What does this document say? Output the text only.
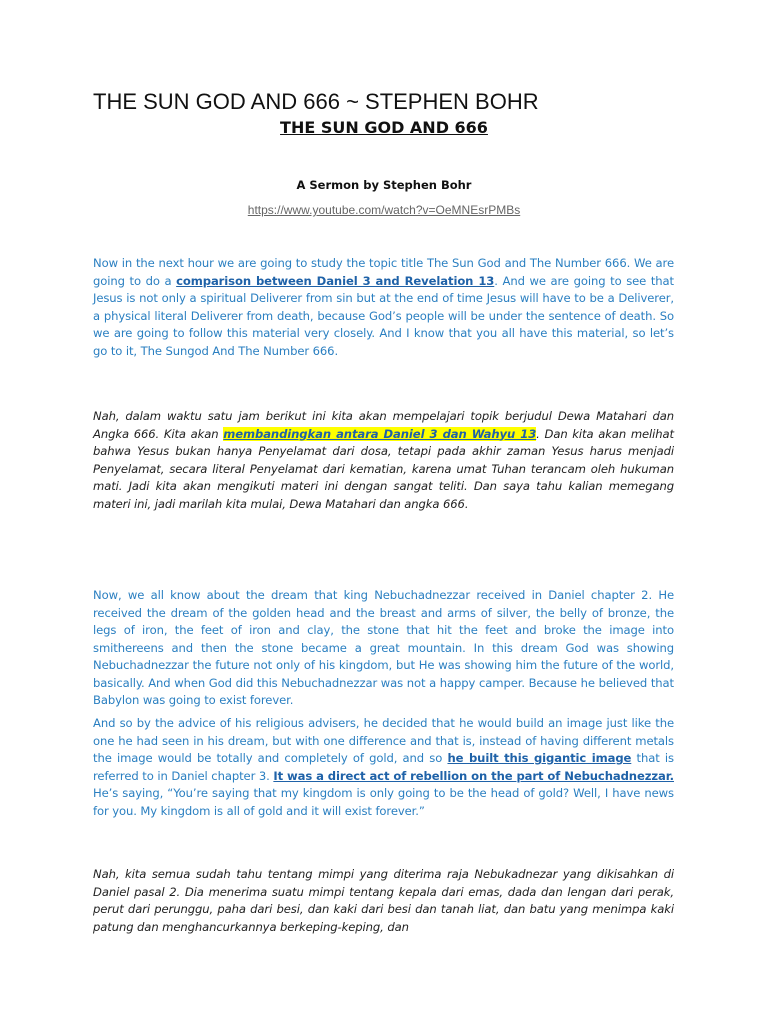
THE SUN GOD AND 666 ~ STEPHEN BOHR
THE SUN GOD AND 666

A Sermon by Stephen Bohr

https://www.youtube.com/watch?v=OeMNEsrPMBs

Now in the next hour we are going to study the topic title The Sun God and The Number 666. We are going to do a comparison between Daniel 3 and Revelation 13. And we are going to see that Jesus is not only a spiritual Deliverer from sin but at the end of time Jesus will have to be a Deliverer, a physical literal Deliverer from death, because God’s people will be under the sentence of death. So we are going to follow this material very closely. And I know that you all have this material, so let’s go to it, The Sungod And The Number 666.

Nah, dalam waktu satu jam berikut ini kita akan mempelajari topik berjudul Dewa Matahari dan Angka 666. Kita akan membandingkan antara Daniel 3 dan Wahyu 13. Dan kita akan melihat bahwa Yesus bukan hanya Penyelamat dari dosa, tetapi pada akhir zaman Yesus harus menjadi Penyelamat, secara literal Penyelamat dari kematian, karena umat Tuhan terancam oleh hukuman mati. Jadi kita akan mengikuti materi ini dengan sangat teliti. Dan saya tahu kalian memegang materi ini, jadi marilah kita mulai, Dewa Matahari dan angka 666.

Now, we all know about the dream that king Nebuchadnezzar received in Daniel chapter 2. He received the dream of the golden head and the breast and arms of silver, the belly of bronze, the legs of iron, the feet of iron and clay, the stone that hit the feet and broke the image into smithereens and then the stone became a great mountain. In this dream God was showing Nebuchadnezzar the future not only of his kingdom, but He was showing him the future of the world, basically. And when God did this Nebuchadnezzar was not a happy camper. Because he believed that Babylon was going to exist forever.

And so by the advice of his religious advisers, he decided that he would build an image just like the one he had seen in his dream, but with one difference and that is, instead of having different metals the image would be totally and completely of gold, and so he built this gigantic image that is referred to in Daniel chapter 3. It was a direct act of rebellion on the part of Nebuchadnezzar. He’s saying, “You’re saying that my kingdom is only going to be the head of gold? Well, I have news for you. My kingdom is all of gold and it will exist forever.”

Nah, kita semua sudah tahu tentang mimpi yang diterima raja Nebukadnezar yang dikisahkan di Daniel pasal 2. Dia menerima suatu mimpi tentang kepala dari emas, dada dan lengan dari perak, perut dari perunggu, paha dari besi, dan kaki dari besi dan tanah liat, dan batu yang menimpa kaki patung dan menghancurkannya berkeping-keping, dan
